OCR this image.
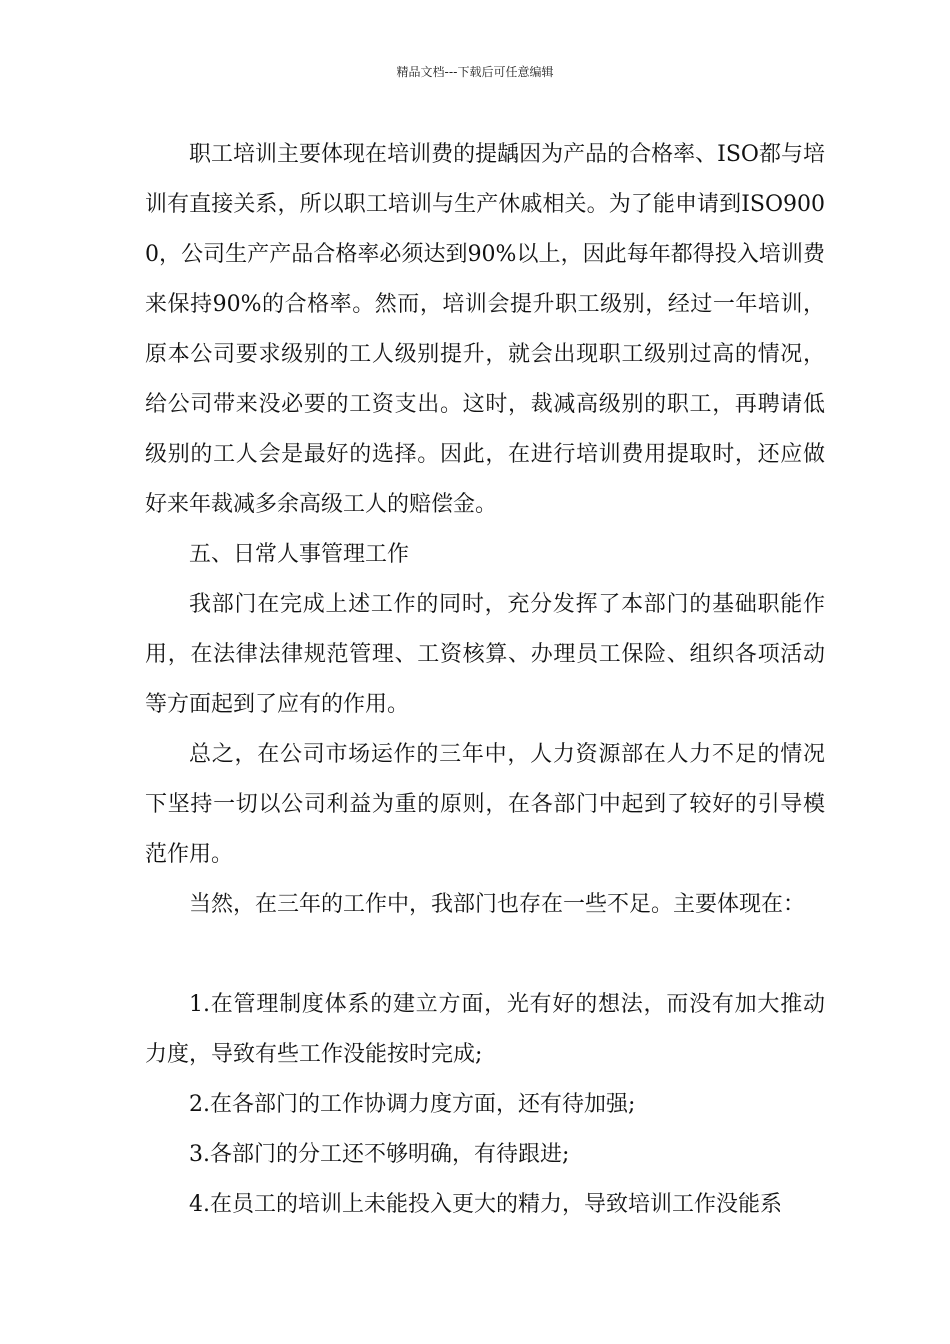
精品文档---下载后可任意编辑

职工培训主要体现在培训费的提龋因为产品的合格率、ISO都与培训有直接关系，所以职工培训与生产休戚相关。为了能申请到ISO9000，公司生产产品合格率必须达到90%以上，因此每年都得投入培训费来保持90%的合格率。然而，培训会提升职工级别，经过一年培训，原本公司要求级别的工人级别提升，就会出现职工级别过高的情况，给公司带来没必要的工资支出。这时，裁减高级别的职工，再聘请低级别的工人会是最好的选择。因此，在进行培训费用提取时，还应做好来年裁减多余高级工人的赔偿金。

五、日常人事管理工作

我部门在完成上述工作的同时，充分发挥了本部门的基础职能作用，在法律法律规范管理、工资核算、办理员工保险、组织各项活动等方面起到了应有的作用。

总之，在公司市场运作的三年中，人力资源部在人力不足的情况下坚持一切以公司利益为重的原则，在各部门中起到了较好的引导模范作用。

当然，在三年的工作中，我部门也存在一些不足。主要体现在：

1.在管理制度体系的建立方面，光有好的想法，而没有加大推动力度，导致有些工作没能按时完成;

2.在各部门的工作协调力度方面，还有待加强;

3.各部门的分工还不够明确，有待跟进;

4.在员工的培训上未能投入更大的精力，导致培训工作没能系
